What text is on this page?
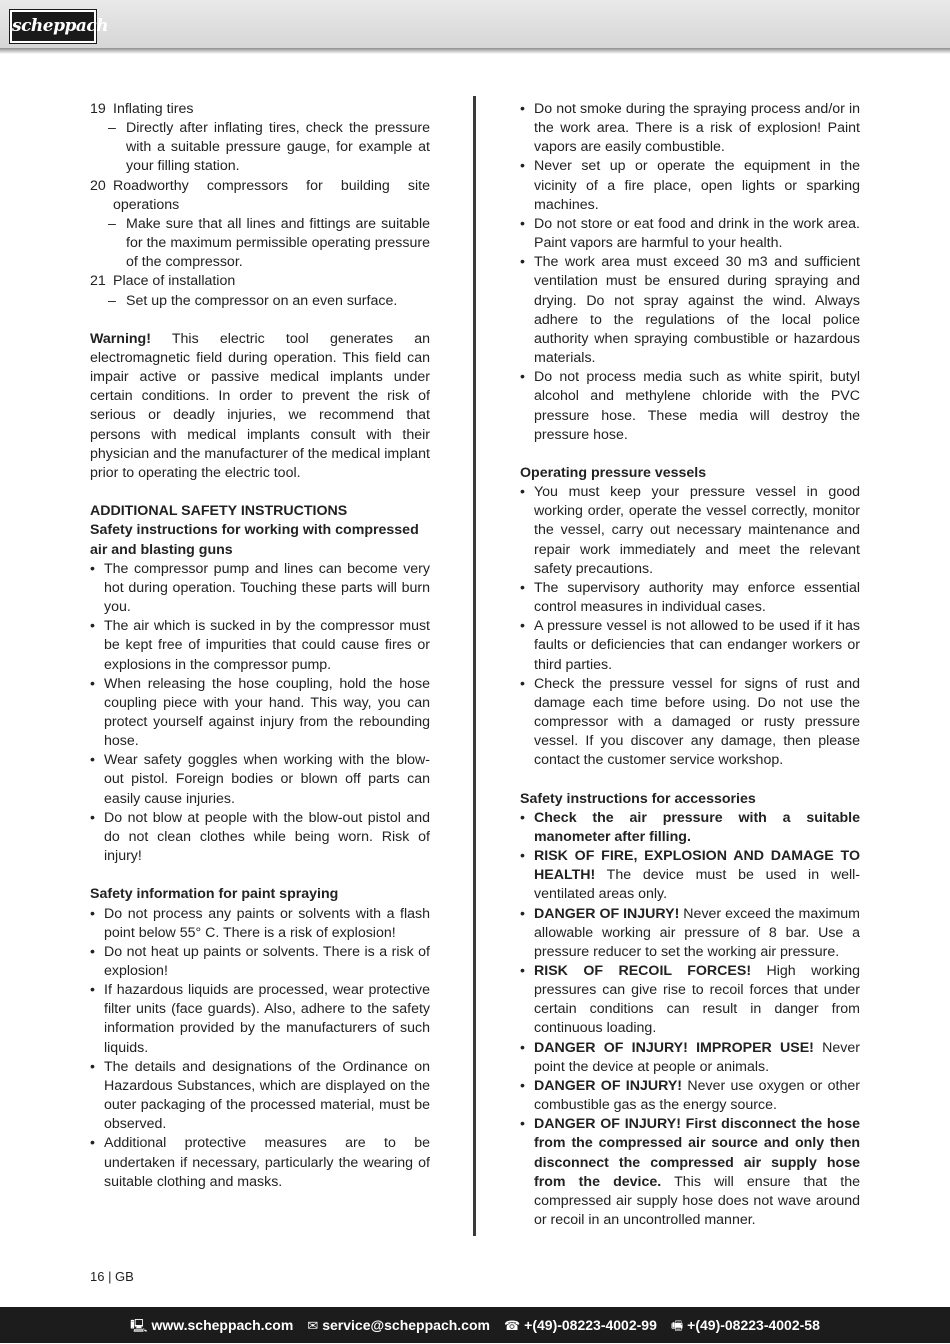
scheppach
19 Inflating tires
– Directly after inflating tires, check the pressure with a suitable pressure gauge, for example at your filling station.
20 Roadworthy compressors for building site operations
– Make sure that all lines and fittings are suitable for the maximum permissible operating pressure of the compressor.
21 Place of installation
– Set up the compressor on an even surface.

Warning! This electric tool generates an electromagnetic field during operation. This field can impair active or passive medical implants under certain conditions. In order to prevent the risk of serious or deadly injuries, we recommend that persons with medical implants consult with their physician and the manufacturer of the medical implant prior to operating the electric tool.

ADDITIONAL SAFETY INSTRUCTIONS

Safety instructions for working with compressed air and blasting guns

• The compressor pump and lines can become very hot during operation. Touching these parts will burn you.
• The air which is sucked in by the compressor must be kept free of impurities that could cause fires or explosions in the compressor pump.
• When releasing the hose coupling, hold the hose coupling piece with your hand. This way, you can protect yourself against injury from the rebounding hose.
• Wear safety goggles when working with the blow-out pistol. Foreign bodies or blown off parts can easily cause injuries.
• Do not blow at people with the blow-out pistol and do not clean clothes while being worn. Risk of injury!

Safety information for paint spraying

• Do not process any paints or solvents with a flash point below 55° C. There is a risk of explosion!
• Do not heat up paints or solvents. There is a risk of explosion!
• If hazardous liquids are processed, wear protective filter units (face guards). Also, adhere to the safety information provided by the manufacturers of such liquids.
• The details and designations of the Ordinance on Hazardous Substances, which are displayed on the outer packaging of the processed material, must be observed.
• Additional protective measures are to be undertaken if necessary, particularly the wearing of suitable clothing and masks.
• Do not smoke during the spraying process and/or in the work area. There is a risk of explosion! Paint vapors are easily combustible.
• Never set up or operate the equipment in the vicinity of a fire place, open lights or sparking machines.
• Do not store or eat food and drink in the work area. Paint vapors are harmful to your health.
• The work area must exceed 30 m3 and sufficient ventilation must be ensured during spraying and drying. Do not spray against the wind. Always adhere to the regulations of the local police authority when spraying combustible or hazardous materials.
• Do not process media such as white spirit, butyl alcohol and methylene chloride with the PVC pressure hose. These media will destroy the pressure hose.

Operating pressure vessels

• You must keep your pressure vessel in good working order, operate the vessel correctly, monitor the vessel, carry out necessary maintenance and repair work immediately and meet the relevant safety precautions.
• The supervisory authority may enforce essential control measures in individual cases.
• A pressure vessel is not allowed to be used if it has faults or deficiencies that can endanger workers or third parties.
• Check the pressure vessel for signs of rust and damage each time before using. Do not use the compressor with a damaged or rusty pressure vessel. If you discover any damage, then please contact the customer service workshop.

Safety instructions for accessories

• Check the air pressure with a suitable manometer after filling.
• RISK OF FIRE, EXPLOSION AND DAMAGE TO HEALTH! The device must be used in well-ventilated areas only.
• DANGER OF INJURY! Never exceed the maximum allowable working air pressure of 8 bar. Use a pressure reducer to set the working air pressure.
• RISK OF RECOIL FORCES! High working pressures can give rise to recoil forces that under certain conditions can result in danger from continuous loading.
• DANGER OF INJURY! IMPROPER USE! Never point the device at people or animals.
• DANGER OF INJURY! Never use oxygen or other combustible gas as the energy source.
• DANGER OF INJURY! First disconnect the hose from the compressed air source and only then disconnect the compressed air supply hose from the device. This will ensure that the compressed air supply hose does not wave around or recoil in an uncontrolled manner.
16 | GB
🖳 www.scheppach.com ✉ service@scheppach.com ☎ +(49)-08223-4002-99 🖷 +(49)-08223-4002-58
